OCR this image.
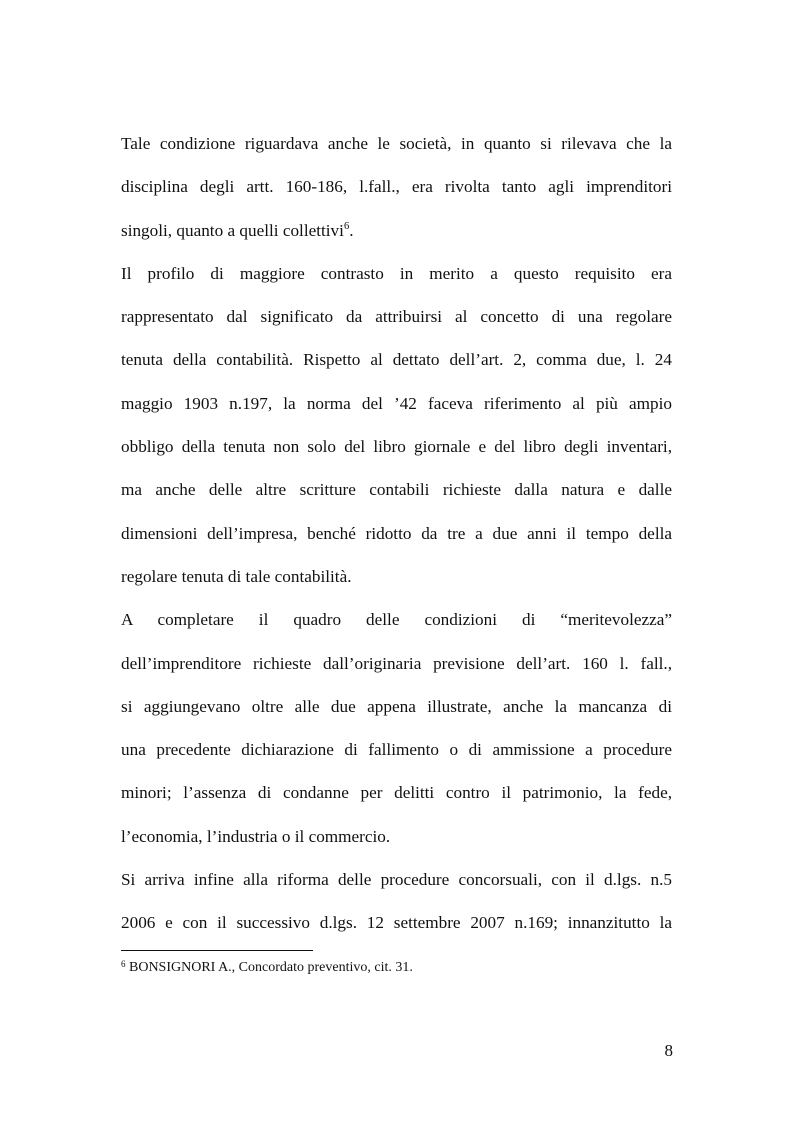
Tale condizione riguardava anche le società, in quanto si rilevava che la
disciplina degli artt. 160-186, l.fall., era rivolta tanto agli imprenditori
singoli, quanto a quelli collettivi$^6$.
Il profilo di maggiore contrasto in merito a questo requisito era
rappresentato dal significato da attribuirsi al concetto di una regolare
tenuta della contabilità. Rispetto al dettato dell’art. 2, comma due, l. 24
maggio 1903 n.197, la norma del ’42 faceva riferimento al più ampio
obbligo della tenuta non solo del libro giornale e del libro degli inventari,
ma anche delle altre scritture contabili richieste dalla natura e dalle
dimensioni dell’impresa, benché ridotto da tre a due anni il tempo della
regolare tenuta di tale contabilità.
A completare il quadro delle condizioni di “meritevolezza”
dell’imprenditore richieste dall’originaria previsione dell’art. 160 l. fall.,
si aggiungevano oltre alle due appena illustrate, anche la mancanza di
una precedente dichiarazione di fallimento o di ammissione a procedure
minori; l’assenza di condanne per delitti contro il patrimonio, la fede,
l’economia, l’industria o il commercio.
Si arriva infine alla riforma delle procedure concorsuali, con il d.lgs. n.5
2006 e con il successivo d.lgs. 12 settembre 2007 n.169; innanzitutto la
$^6$ BONSIGNORI A., Concordato preventivo, cit. 31.
8
